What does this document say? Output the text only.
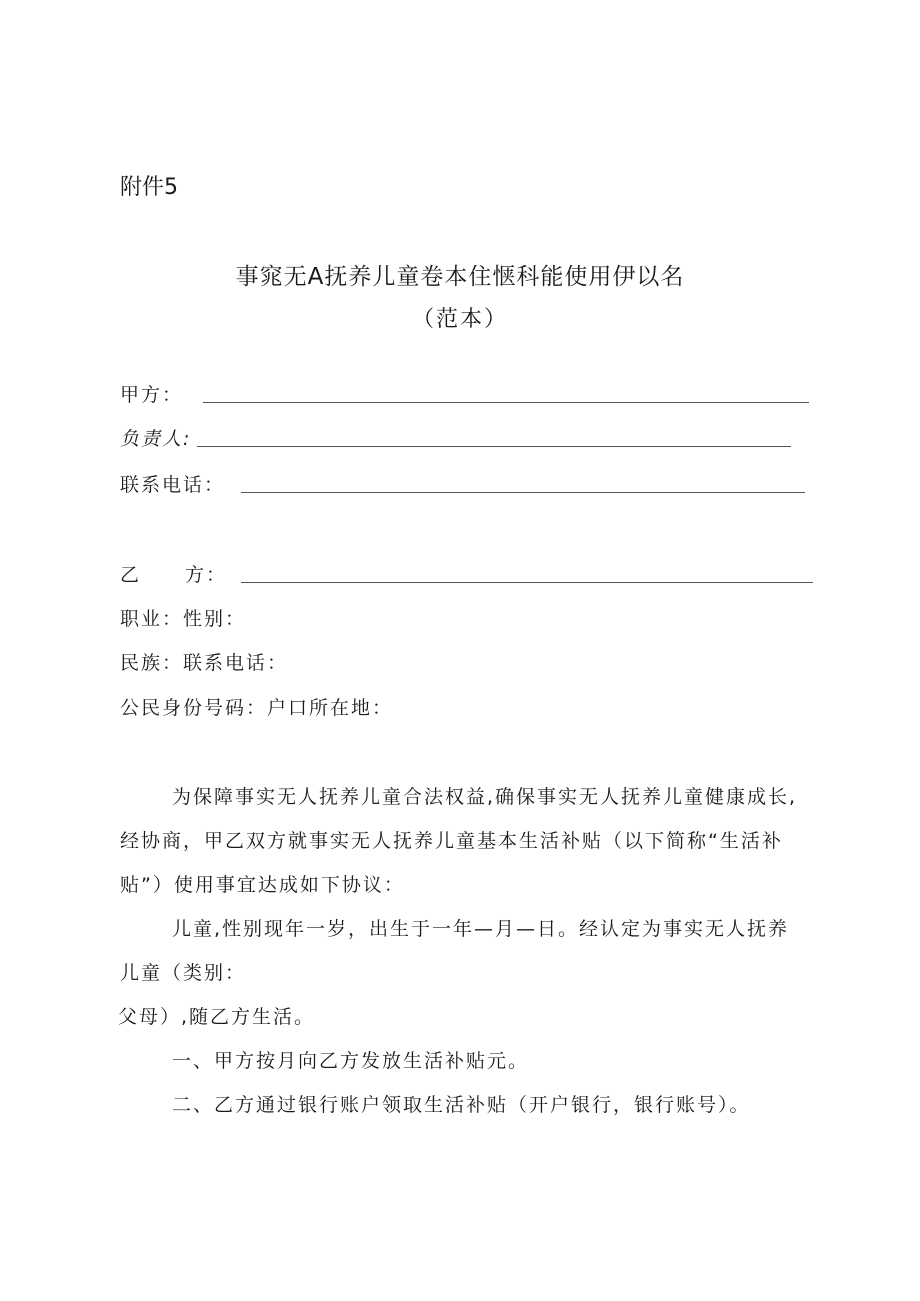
附件5
事窕无A抚养儿童卷本住惬科能使用伊以名
（范本）
甲方：
负责人:
联系电话：
乙 方：
职业：性别：
民族：联系电话：
公民身份号码：户口所在地：
为保障事实无人抚养儿童合法权益,确保事实无人抚养儿童健康成长,
经协商，甲乙双方就事实无人抚养儿童基本生活补贴（以下简称“生活补
贴”）使用事宜达成如下协议：
儿童,性别现年一岁，出生于一年—月—日。经认定为事实无人抚养
儿童（类别：
父母）,随乙方生活。
一、甲方按月向乙方发放生活补贴元。
二、乙方通过银行账户领取生活补贴（开户银行，银行账号）。
